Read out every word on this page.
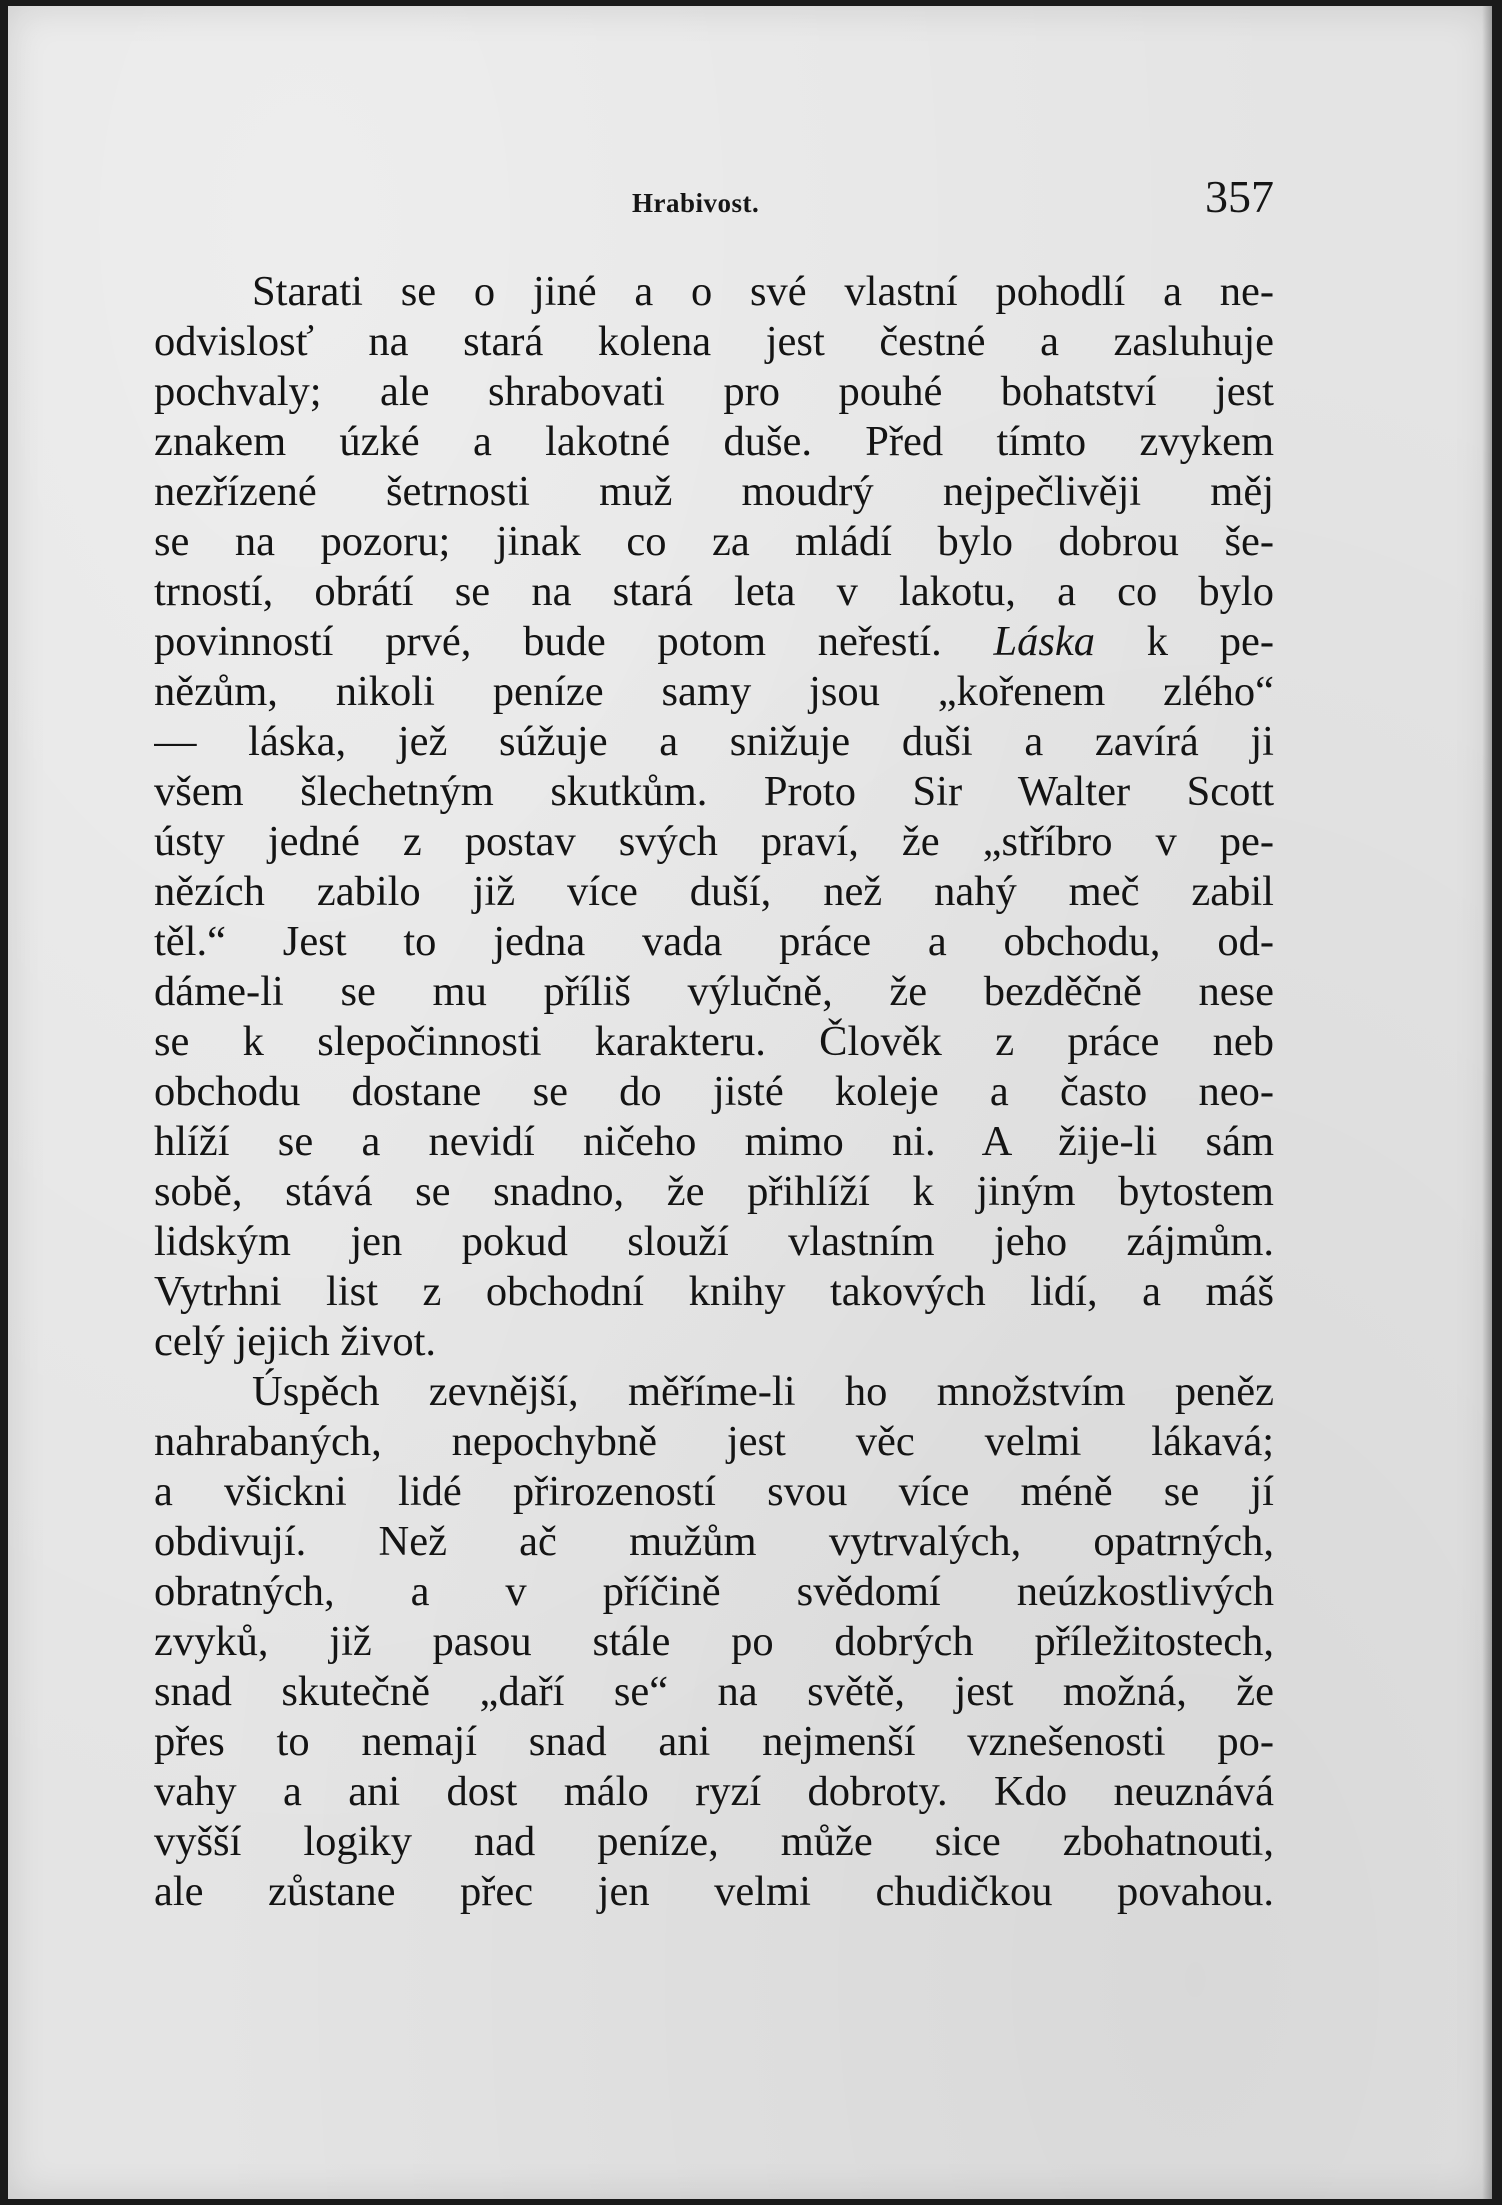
Hrabivost.	357
Starati se o jiné a o své vlastní pohodlí a ne-
odvislosť na stará kolena jest čestné a zasluhuje
pochvaly; ale shrabovati pro pouhé bohatství jest
znakem úzké a lakotné duše. Před tímto zvykem
nezřízené šetrnosti muž moudrý nejpečlivěji měj
se na pozoru; jinak co za mládí bylo dobrou še-
trností, obrátí se na stará leta v lakotu, a co bylo
povinností prvé, bude potom neřestí. Láska k pe-
nězům, nikoli peníze samy jsou „kořenem zlého“
— láska, jež súžuje a snižuje duši a zavírá ji
všem šlechetným skutkům. Proto Sir Walter Scott
ústy jedné z postav svých praví, že „stříbro v pe-
nězích zabilo již více duší, než nahý meč zabil
těl.“ Jest to jedna vada práce a obchodu, od-
dáme-li se mu příliš výlučně, že bezděčně nese
se k slepočinnosti karakteru. Člověk z práce neb
obchodu dostane se do jisté koleje a často neo-
hlíží se a nevidí ničeho mimo ni. A žije-li sám
sobě, stává se snadno, že přihlíží k jiným bytostem
lidským jen pokud slouží vlastním jeho zájmům.
Vytrhni list z obchodní knihy takových lidí, a máš
celý jejich život.
Úspěch zevnější, měříme-li ho množstvím peněz
nahrabaných, nepochybně jest věc velmi lákavá;
a všickni lidé přirozeností svou více méně se jí
obdivují. Než ač mužům vytrvalých, opatrných,
obratných, a v příčině svědomí neúzkostlivých
zvyků, již pasou stále po dobrých příležitostech,
snad skutečně „daří se“ na světě, jest možná, že
přes to nemají snad ani nejmenší vznešenosti po-
vahy a ani dost málo ryzí dobroty. Kdo neuznává
vyšší logiky nad peníze, může sice zbohatnouti,
ale zůstane přec jen velmi chudičkou povahou.
